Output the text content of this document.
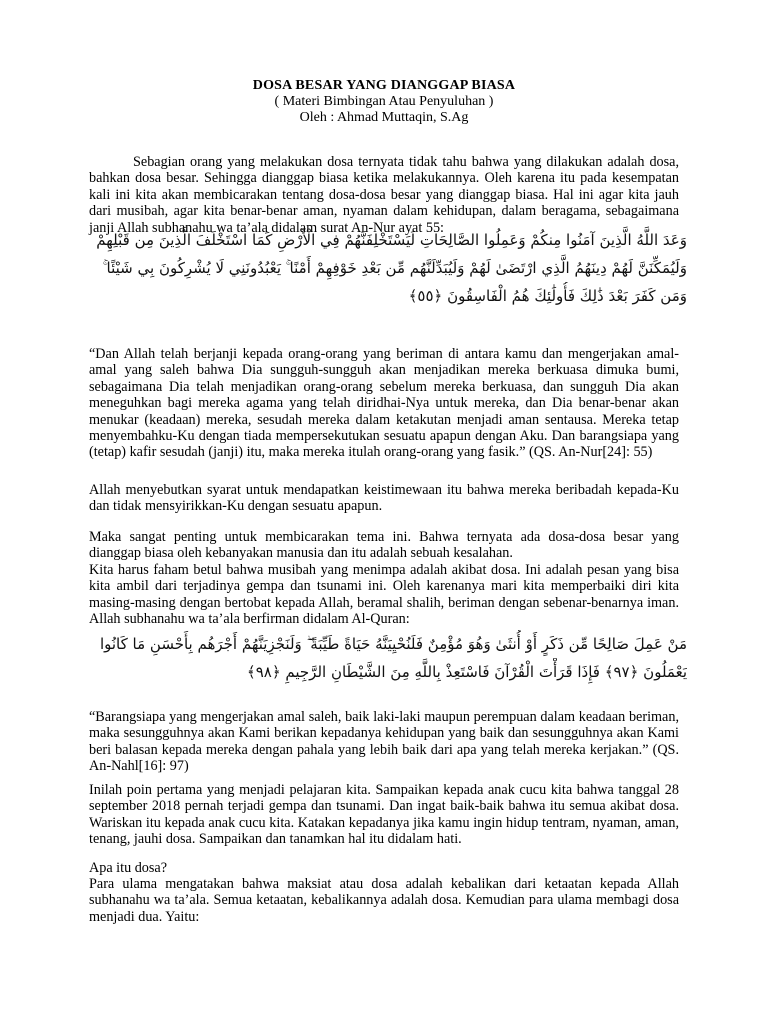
DOSA BESAR YANG DIANGGAP BIASA
( Materi Bimbingan Atau Penyuluhan )
Oleh : Ahmad Muttaqin, S.Ag

Sebagian orang yang melakukan dosa ternyata tidak tahu bahwa yang dilakukan adalah dosa, bahkan dosa besar. Sehingga dianggap biasa ketika melakukannya. Oleh karena itu pada kesempatan kali ini kita akan membicarakan tentang dosa-dosa besar yang dianggap biasa. Hal ini agar kita jauh dari musibah, agar kita benar-benar aman, nyaman dalam kehidupan, dalam beragama, sebagaimana janji Allah subhanahu wa ta’ala didalam surat An-Nur ayat 55:

وَعَدَ اللَّهُ الَّذِينَ آمَنُوا مِنكُمْ وَعَمِلُوا الصَّالِحَاتِ لَيَسْتَخْلِفَنَّهُمْ فِي الْأَرْضِ كَمَا اسْتَخْلَفَ الَّذِينَ مِن قَبْلِهِمْ
وَلَيُمَكِّنَنَّ لَهُمْ دِينَهُمُ الَّذِي ارْتَضَىٰ لَهُمْ وَلَيُبَدِّلَنَّهُم مِّن بَعْدِ خَوْفِهِمْ أَمْنًا ۚ يَعْبُدُونَنِي لَا يُشْرِكُونَ بِي شَيْئًا ۚ
وَمَن كَفَرَ بَعْدَ ذَٰلِكَ فَأُولَٰئِكَ هُمُ الْفَاسِقُونَ ﴿٥٥﴾

“Dan Allah telah berjanji kepada orang-orang yang beriman di antara kamu dan mengerjakan amal-amal yang saleh bahwa Dia sungguh-sungguh akan menjadikan mereka berkuasa dimuka bumi, sebagaimana Dia telah menjadikan orang-orang sebelum mereka berkuasa, dan sungguh Dia akan meneguhkan bagi mereka agama yang telah diridhai-Nya untuk mereka, dan Dia benar-benar akan menukar (keadaan) mereka, sesudah mereka dalam ketakutan menjadi aman sentausa. Mereka tetap menyembahku-Ku dengan tiada mempersekutukan sesuatu apapun dengan Aku. Dan barangsiapa yang (tetap) kafir sesudah (janji) itu, maka mereka itulah orang-orang yang fasik.” (QS. An-Nur[24]: 55)

Allah menyebutkan syarat untuk mendapatkan keistimewaan itu bahwa mereka beribadah kepada-Ku dan tidak mensyirikkan-Ku dengan sesuatu apapun.

Maka sangat penting untuk membicarakan tema ini. Bahwa ternyata ada dosa-dosa besar yang dianggap biasa oleh kebanyakan manusia dan itu adalah sebuah kesalahan.

Kita harus faham betul bahwa musibah yang menimpa adalah akibat dosa. Ini adalah pesan yang bisa kita ambil dari terjadinya gempa dan tsunami ini. Oleh karenanya mari kita memperbaiki diri kita masing-masing dengan bertobat kepada Allah, beramal shalih, beriman dengan sebenar-benarnya iman. Allah subhanahu wa ta’ala berfirman didalam Al-Quran:

مَنْ عَمِلَ صَالِحًا مِّن ذَكَرٍ أَوْ أُنثَىٰ وَهُوَ مُؤْمِنٌ فَلَنُحْيِيَنَّهُ حَيَاةً طَيِّبَةً ۖ وَلَنَجْزِيَنَّهُمْ أَجْرَهُم بِأَحْسَنِ مَا كَانُوا
يَعْمَلُونَ ﴿٩٧﴾ فَإِذَا قَرَأْتَ الْقُرْآنَ فَاسْتَعِذْ بِاللَّهِ مِنَ الشَّيْطَانِ الرَّجِيمِ ﴿٩٨﴾

“Barangsiapa yang mengerjakan amal saleh, baik laki-laki maupun perempuan dalam keadaan beriman, maka sesungguhnya akan Kami berikan kepadanya kehidupan yang baik dan sesungguhnya akan Kami beri balasan kepada mereka dengan pahala yang lebih baik dari apa yang telah mereka kerjakan.” (QS. An-Nahl[16]: 97)

Inilah poin pertama yang menjadi pelajaran kita. Sampaikan kepada anak cucu kita bahwa tanggal 28 september 2018 pernah terjadi gempa dan tsunami. Dan ingat baik-baik bahwa itu semua akibat dosa. Wariskan itu kepada anak cucu kita. Katakan kepadanya jika kamu ingin hidup tentram, nyaman, aman, tenang, jauhi dosa. Sampaikan dan tanamkan hal itu didalam hati.

Apa itu dosa?

Para ulama mengatakan bahwa maksiat atau dosa adalah kebalikan dari ketaatan kepada Allah subhanahu wa ta’ala. Semua ketaatan, kebalikannya adalah dosa. Kemudian para ulama membagi dosa menjadi dua. Yaitu:
